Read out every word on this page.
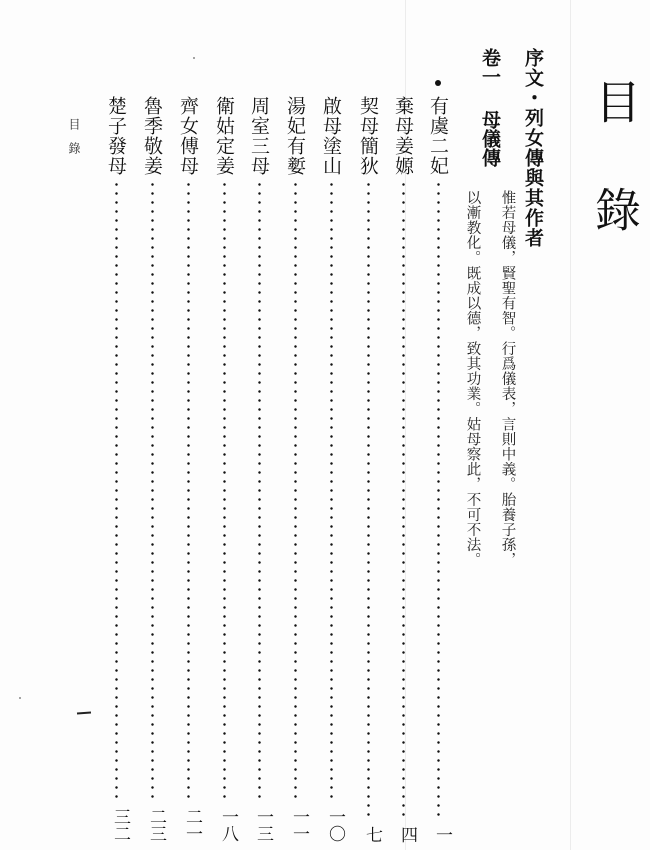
目錄
序文・列女傳與其作者
卷一母儀傳
惟若母儀，賢聖有智。行爲儀表，言則中義。胎養子孫，
以漸教化。既成以德，致其功業。姑母察此，不可不法。
有虞二妃
一
棄母姜嫄
四
契母簡狄
七
啟母塗山
一〇
湯妃有㜪
一一
周室三母
一三
衛姑定姜
一八
齊女傅母
二一
魯季敬姜
二三
楚子發母
三二
目錄
